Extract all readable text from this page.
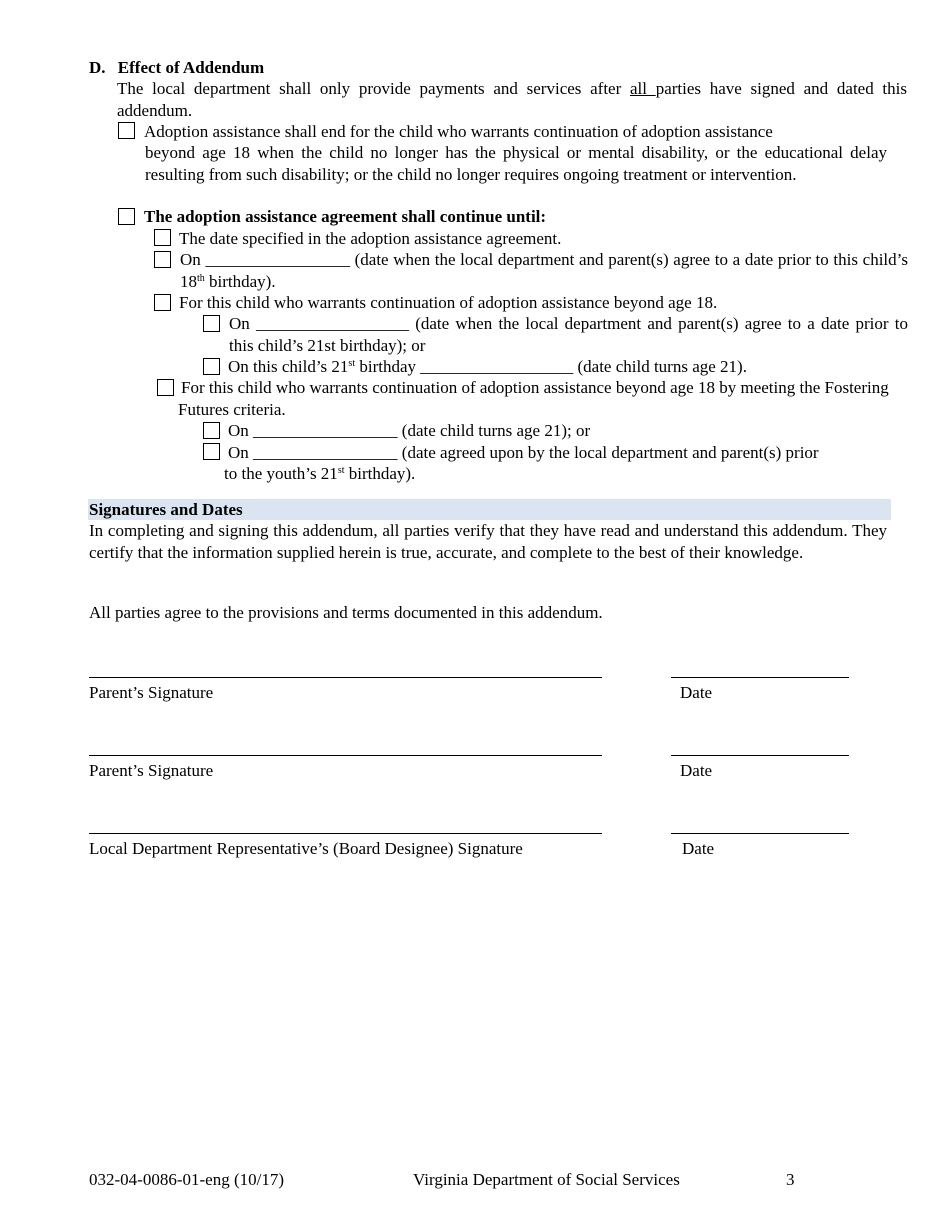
D. Effect of Addendum
The local department shall only provide payments and services after all parties have signed and dated this addendum.
Adoption assistance shall end for the child who warrants continuation of adoption assistance
beyond age 18 when the child no longer has the physical or mental disability, or the educational delay resulting from such disability; or the child no longer requires ongoing treatment or intervention.
The adoption assistance agreement shall continue until:
The date specified in the adoption assistance agreement.
On _________________ (date when the local department and parent(s) agree to a date prior to this child’s 18th birthday).
For this child who warrants continuation of adoption assistance beyond age 18.
On __________________ (date when the local department and parent(s) agree to a date prior to this child’s 21st birthday); or
On this child’s 21st birthday __________________ (date child turns age 21).
For this child who warrants continuation of adoption assistance beyond age 18 by meeting the Fostering Futures criteria.
On _________________ (date child turns age 21); or
On _________________ (date agreed upon by the local department and parent(s) prior
to the youth’s 21st birthday).
Signatures and Dates
In completing and signing this addendum, all parties verify that they have read and understand this addendum. They certify that the information supplied herein is true, accurate, and complete to the best of their knowledge.
All parties agree to the provisions and terms documented in this addendum.
Parent’s Signature	Date
Parent’s Signature	Date
Local Department Representative’s (Board Designee) Signature	Date
032-04-0086-01-eng (10/17)	Virginia Department of Social Services	3
